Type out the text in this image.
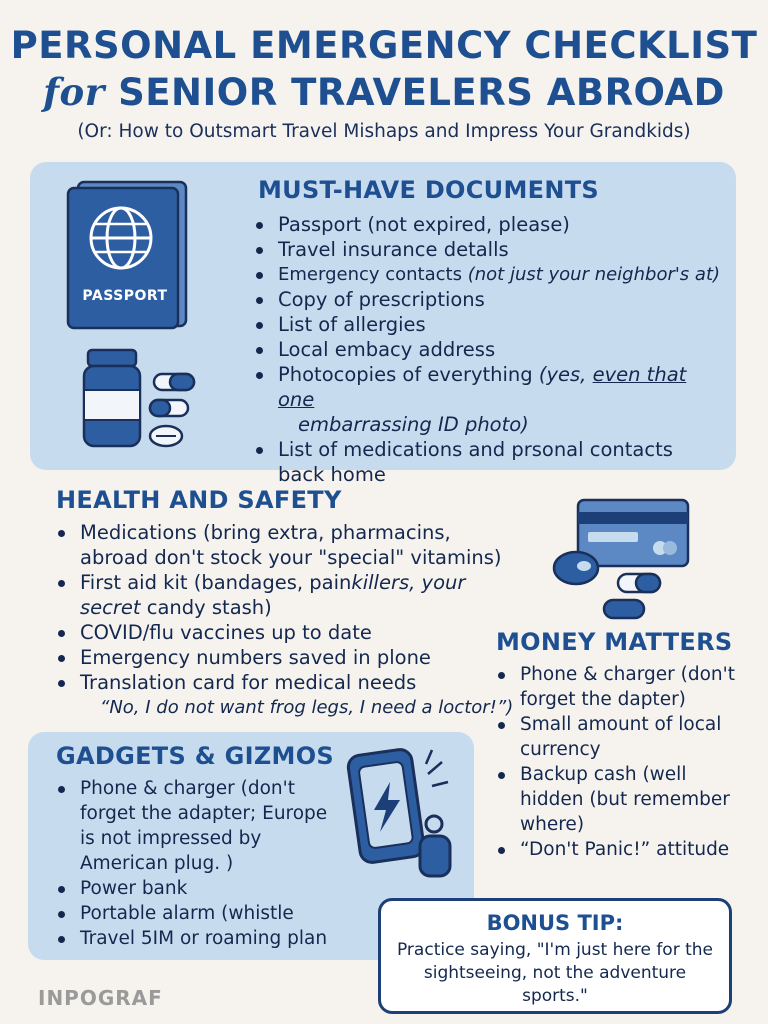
PERSONAL EMERGENCY CHECKLIST
for SENIOR TRAVELERS ABROAD

(Or: How to Outsmart Travel Mishaps and Impress Your Grandkids)

PASSPORT
MUST-HAVE DOCUMENTS
Passport (not expired, please)
Travel insurance detalls
Emergency contacts (not just your neighbor's at)
Copy of prescriptions
List of allergies
Local embacy address
Photocopies of everything (yes, even that one
embarrassing ID photo)
List of medications and prsonal contacts back home
HEALTH AND SAFETY
Medications (bring extra, pharmacins, abroad don't stock your "special" vitamins)
First aid kit (bandages, painkillers, your secret candy stash)
COVID/flu vaccines up to date
Emergency numbers saved in plone
Translation card for medical needs
“No, I do not want frog legs, I need a loctor!”)
MONEY MATTERS
Phone & charger (don't forget the dapter)
Small amount of local currency
Backup cash (well hidden (but remember where)
“Don't Panic!” attitude
GADGETS & GIZMOS
Phone & charger (don't forget the adapter; Europe is not impressed by American plug. )
Power bank
Portable alarm (whistle
Travel 5IM or roaming plan
BONUS TIP:

Practice saying, "I'm just here for the sightseeing, not the adventure sports."

INPOGRAF
